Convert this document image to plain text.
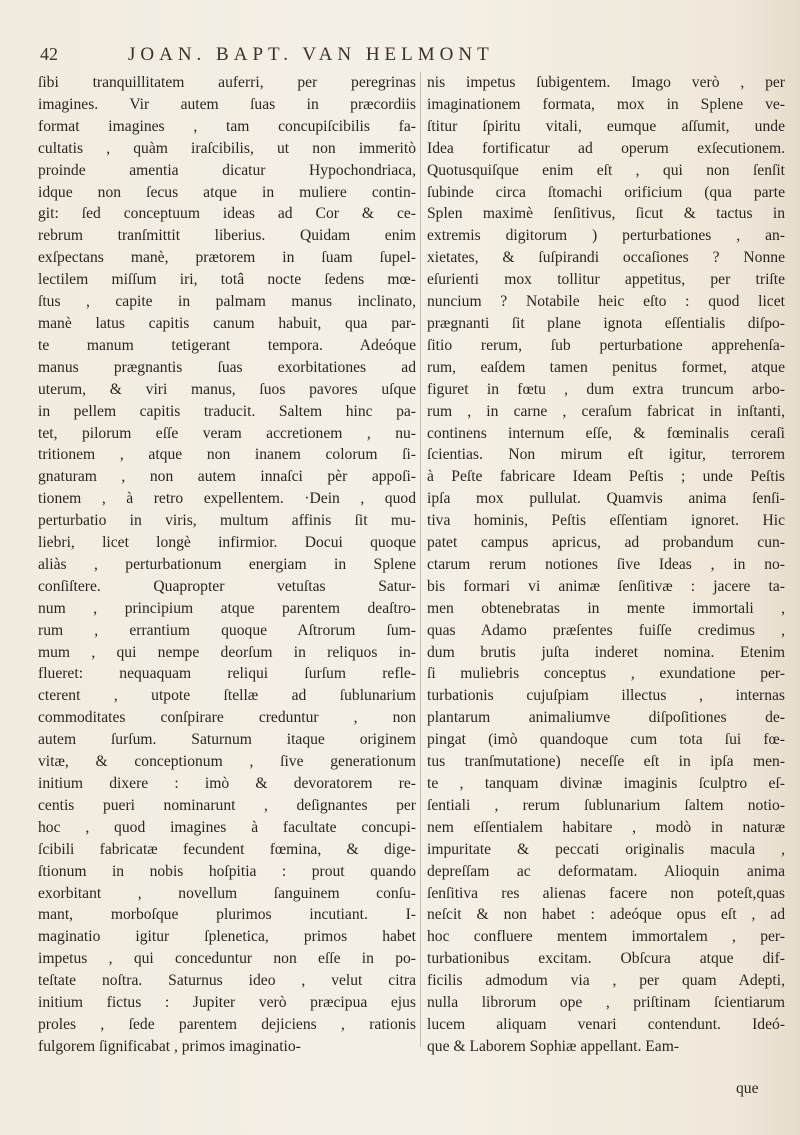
42	JOAN. BAPT. VAN HELMONT
ſibi tranquillitatem auferri, per peregrinas
imagines. Vir autem ſuas in præcordiis
format imagines , tam concupiſcibilis fa-
cultatis , quàm iraſcibilis, ut non immeritò
proinde amentia dicatur Hypochondriaca,
idque non ſecus atque in muliere contin-
git: ſed conceptuum ideas ad Cor & ce-
rebrum tranſmittit liberius. Quidam enim
exſpectans manè, prætorem in ſuam ſupel-
lectilem miſſum iri, totâ nocte ſedens mœ-
ſtus , capite in palmam manus inclinato,
manè latus capitis canum habuit, qua par-
te manum tetigerant tempora. Adeóque
manus prægnantis ſuas exorbitationes ad
uterum, & viri manus, ſuos pavores uſque
in pellem capitis traducit. Saltem hinc pa-
tet, pilorum eſſe veram accretionem , nu-
tritionem , atque non inanem colorum ſi-
gnaturam , non autem innaſci pèr appoſi-
tionem , à retro expellentem. ·Dein , quod
perturbatio in viris, multum affinis ſit mu-
liebri, licet longè infirmior. Docui quoque
aliàs , perturbationum energiam in Splene
conſiſtere. Quapropter vetuſtas Satur-
num , principium atque parentem deaſtro-
rum , errantium quoque Aſtrorum ſum-
mum , qui nempe deorſum in reliquos in-
flueret: nequaquam reliqui ſurſum refle-
cterent , utpote ſtellæ ad ſublunarium
commoditates conſpirare creduntur , non
autem ſurſum. Saturnum itaque originem
vitæ, & conceptionum , ſive generationum
initium dixere : imò & devoratorem re-
centis pueri nominarunt , deſignantes per
hoc , quod imagines à facultate concupi-
ſcibili fabricatæ fecundent fœmina, & dige-
ſtionum in nobis hoſpitia : prout quando
exorbitant , novellum ſanguinem conſu-
mant, morboſque plurimos incutiant. I-
maginatio igitur ſplenetica, primos habet
impetus , qui conceduntur non eſſe in po-
teſtate noſtra. Saturnus ideo , velut citra
initium fictus : Jupiter verò præcipua ejus
proles , ſede parentem dejiciens , rationis
fulgorem ſignificabat , primos imaginatio-
nis impetus ſubigentem. Imago verò , per
imaginationem formata, mox in Splene ve-
ſtitur ſpiritu vitali, eumque aſſumit, unde
Idea fortificatur ad operum exſecutionem.
Quotusquiſque enim eſt , qui non ſenſit
ſubinde circa ſtomachi orificium (qua parte
Splen maximè ſenſitivus, ſicut & tactus in
extremis digitorum ) perturbationes , an-
xietates, & ſuſpirandi occaſiones ? Nonne
eſurienti mox tollitur appetitus, per triſte
nuncium ? Notabile heic eſto : quod licet
prægnanti ſit plane ignota eſſentialis diſpo-
ſitio rerum, ſub perturbatione apprehenſa-
rum, eaſdem tamen penitus formet, atque
figuret in fœtu , dum extra truncum arbo-
rum , in carne , ceraſum fabricat in inſtanti,
continens internum eſſe, & fœminalis ceraſi
ſcientias. Non mirum eſt igitur, terrorem
à Peſte fabricare Ideam Peſtis ; unde Peſtis
ipſa mox pullulat. Quamvis anima ſenſi-
tiva hominis, Peſtis eſſentiam ignoret. Hic
patet campus apricus, ad probandum cun-
ctarum rerum notiones ſive Ideas , in no-
bis formari vi animæ ſenſitivæ : jacere ta-
men obtenebratas in mente immortali ,
quas Adamo præſentes fuiſſe credimus ,
dum brutis juſta inderet nomina. Etenim
ſi muliebris conceptus , exundatione per-
turbationis cujuſpiam illectus , internas
plantarum animaliumve diſpoſitiones de-
pingat (imò quandoque cum tota ſui fœ-
tus tranſmutatione) neceſſe eſt in ipſa men-
te , tanquam divinæ imaginis ſculptro eſ-
ſentiali , rerum ſublunarium ſaltem notio-
nem eſſentialem habitare , modò in naturæ
impuritate & peccati originalis macula ,
depreſſam ac deformatam. Alioquin anima
ſenſitiva res alienas facere non poteſt,quas
neſcit & non habet : adeóque opus eſt , ad
hoc confluere mentem immortalem , per-
turbationibus excitam. Obſcura atque dif-
ficilis admodum via , per quam Adepti,
nulla librorum ope , priſtinam ſcientiarum
lucem aliquam venari contendunt. Ideó-
que & Laborem Sophiæ appellant. Eam-
que
